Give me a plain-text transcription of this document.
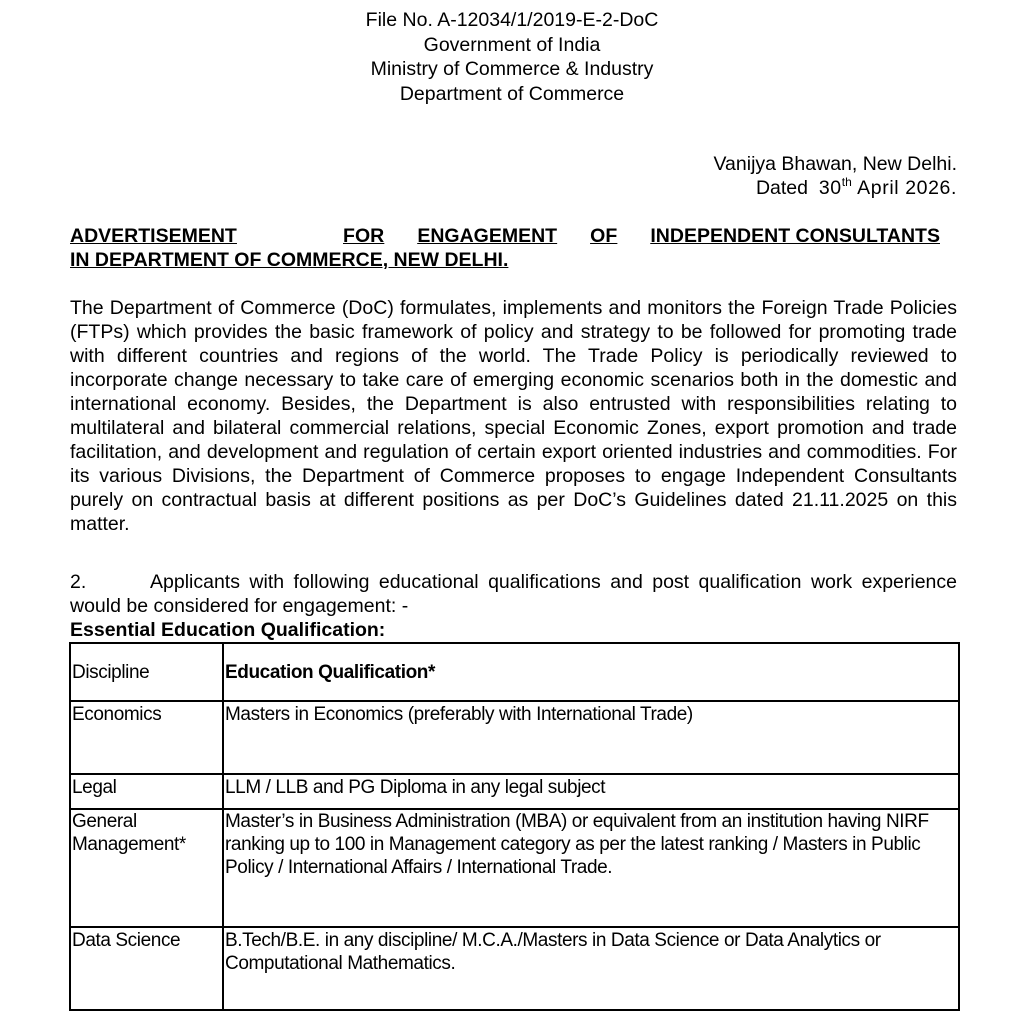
File No. A-12034/1/2019-E-2-DoC
Government of India
Ministry of Commerce & Industry
Department of Commerce
Vanijya Bhawan, New Delhi.
Dated 30th April 2026.
ADVERTISEMENT	FOR ENGAGEMENT OF INDEPENDENT CONSULTANTS
IN DEPARTMENT OF COMMERCE, NEW DELHI.
The Department of Commerce (DoC) formulates, implements and monitors the Foreign Trade Policies (FTPs) which provides the basic framework of policy and strategy to be followed for promoting trade with different countries and regions of the world. The Trade Policy is periodically reviewed to incorporate change necessary to take care of emerging economic scenarios both in the domestic and international economy. Besides, the Department is also entrusted with responsibilities relating to multilateral and bilateral commercial relations, special Economic Zones, export promotion and trade facilitation, and development and regulation of certain export oriented industries and commodities. For its various Divisions, the Department of Commerce proposes to engage Independent Consultants purely on contractual basis at different positions as per DoC’s Guidelines dated 21.11.2025 on this matter.
2.	Applicants with following educational qualifications and post qualification work experience would be considered for engagement: -
Essential Education Qualification:
Discipline	Education Qualification*
Economics	Masters in Economics (preferably with International Trade)
Legal	LLM / LLB and PG Diploma in any legal subject
General Management*	Master’s in Business Administration (MBA) or equivalent from an institution having NIRF ranking up to 100 in Management category as per the latest ranking / Masters in Public Policy / International Affairs / International Trade.
Data Science	B.Tech/B.E. in any discipline/ M.C.A./Masters in Data Science or Data Analytics or Computational Mathematics.
